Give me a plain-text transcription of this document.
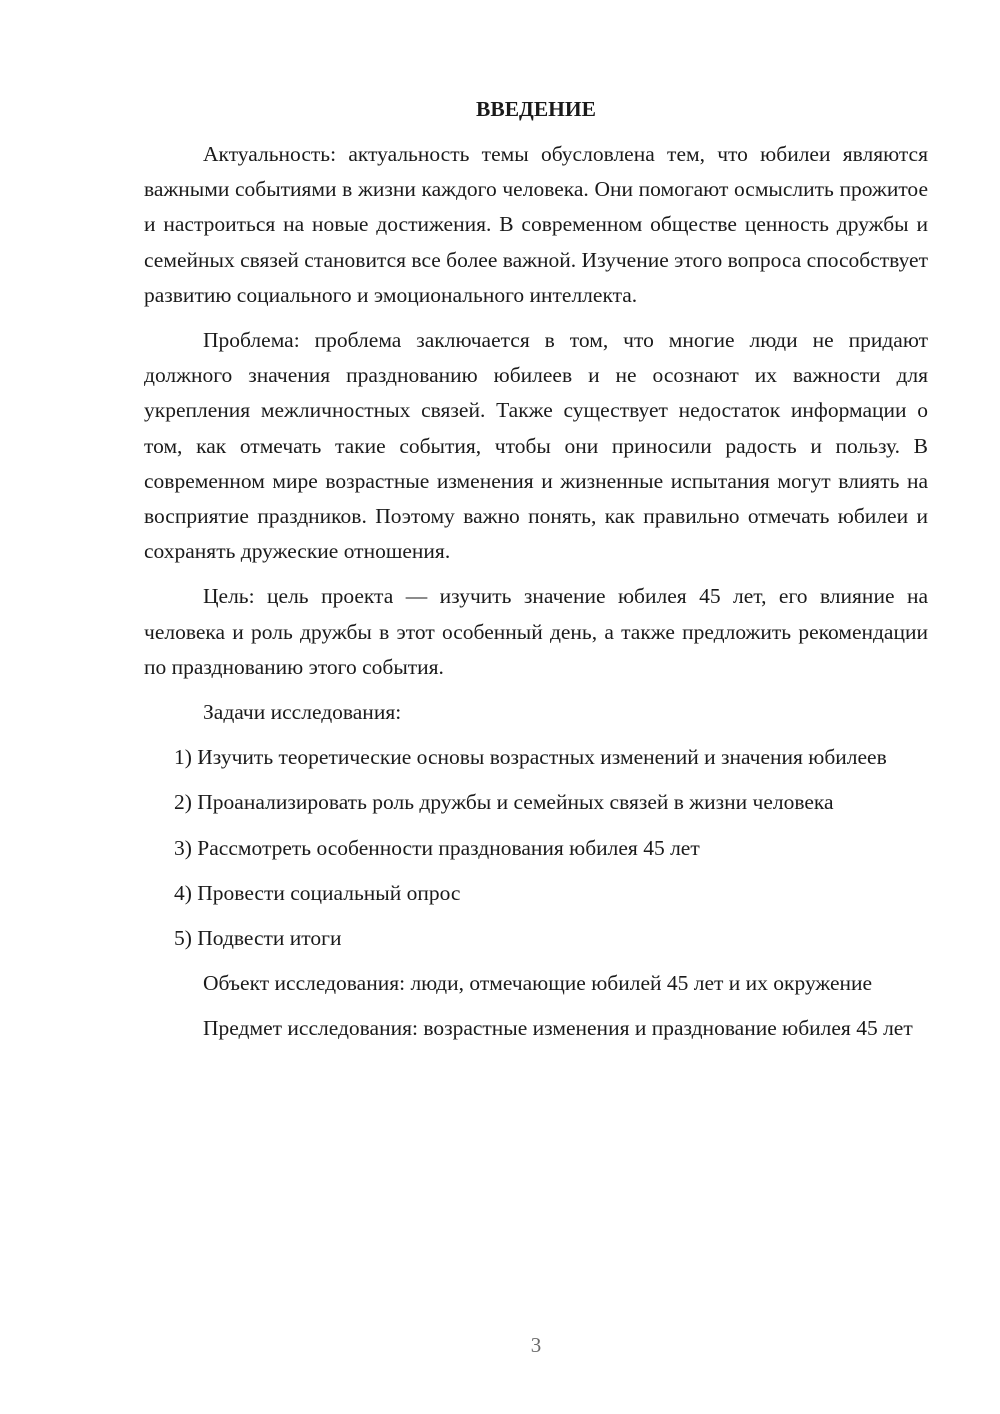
ВВЕДЕНИЕ

Актуальность: актуальность темы обусловлена тем, что юбилеи являются важными событиями в жизни каждого человека. Они помогают осмыслить прожитое и настроиться на новые достижения. В современном обществе ценность дружбы и семейных связей становится все более важной. Изучение этого вопроса способствует развитию социального и эмоционального интеллекта.

Проблема: проблема заключается в том, что многие люди не придают должного значения празднованию юбилеев и не осознают их важности для укрепления межличностных связей. Также существует недостаток информации о том, как отмечать такие события, чтобы они приносили радость и пользу. В современном мире возрастные изменения и жизненные испытания могут влиять на восприятие праздников. Поэтому важно понять, как правильно отмечать юбилеи и сохранять дружеские отношения.

Цель: цель проекта — изучить значение юбилея 45 лет, его влияние на человека и роль дружбы в этот особенный день, а также предложить рекомендации по празднованию этого события.

Задачи исследования:

1) Изучить теоретические основы возрастных изменений и значения юбилеев

2) Проанализировать роль дружбы и семейных связей в жизни человека

3) Рассмотреть особенности празднования юбилея 45 лет

4) Провести социальный опрос

5) Подвести итоги

Объект исследования: люди, отмечающие юбилей 45 лет и их окружение

Предмет исследования: возрастные изменения и празднование юбилея 45 лет

3
